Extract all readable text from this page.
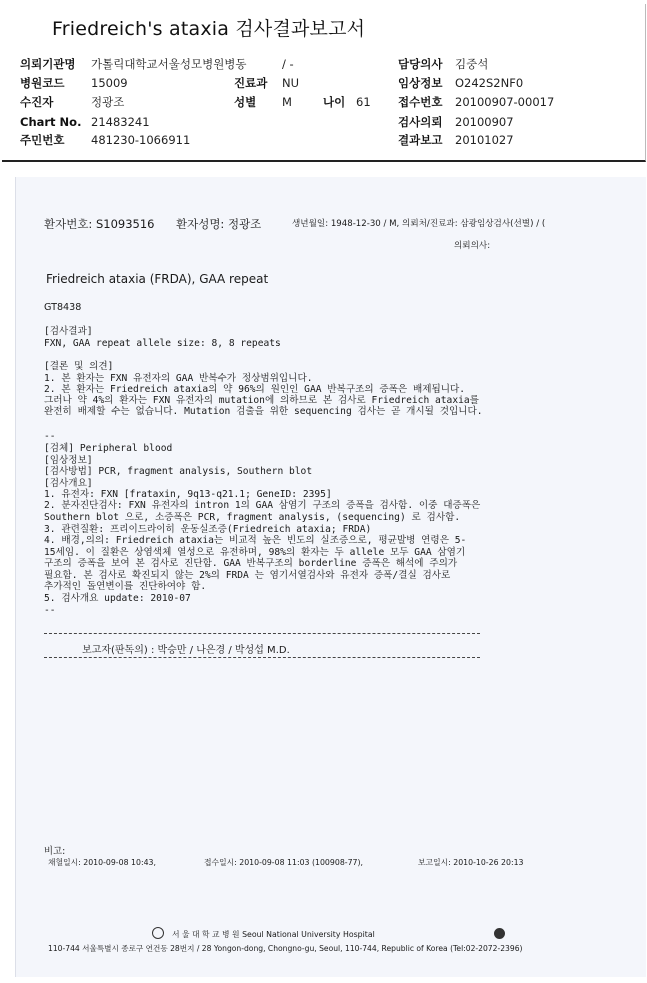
Friedreich's ataxia 검사결과보고서
의뢰기관명 가톨릭대학교서울성모병원병동	/ -	담당의사 김중석
병원코드 15009	진료과 NU	임상정보 O242S2NF0
수진자	정광조	성별 M	나이 61 접수번호 20100907-00017
Chart No. 21483241	검사의뢰 20100907
주민번호 481230-1066911	결과보고 20101027
환자번호: S1093516 환자성명: 정광조	생년월일: 1948-12-30 / M, 의뢰처/진료과: 삼광임상검사(선별) / (
의뢰의사:
Friedreich ataxia (FRDA), GAA repeat
GT8438
[검사결과]
FXN, GAA repeat allele size: 8, 8 repeats
[결론 및 의견]
1. 본 환자는 FXN 유전자의 GAA 반복수가 정상범위입니다.
2. 본 환자는 Friedreich ataxia의 약 96%의 원인인 GAA 반복구조의 증폭은 배제됩니다.
그러나 약 4%의 환자는 FXN 유전자의 mutation에 의하므로 본 검사로 Friedreich ataxia를
완전히 배제할 수는 없습니다. Mutation 검출을 위한 sequencing 검사는 곧 개시될 것입니다.
--
[검체] Peripheral blood
[임상정보]
[검사방법] PCR, fragment analysis, Southern blot
[검사개요]
1. 유전자: FXN [frataxin, 9q13-q21.1; GeneID: 2395]
2. 분자진단검사: FXN 유전자의 intron 1의 GAA 삼염기 구조의 증폭을 검사함. 이중 대증폭은
Southern blot 으로, 소증폭은 PCR, fragment analysis, (sequencing) 로 검사함.
3. 관련질환: 프리이드라이히 운동실조증(Friedreich ataxia; FRDA)
4. 배경,의의: Friedreich ataxia는 비교적 높은 빈도의 실조증으로, 평균발병 연령은 5-
15세임. 이 질환은 상염색체 열성으로 유전하며, 98%의 환자는 두 allele 모두 GAA 삼염기
구조의 증폭을 보여 본 검사로 진단함. GAA 반복구조의 borderline 증폭은 해석에 주의가
필요함. 본 검사로 확진되지 않는 2%의 FRDA 는 염기서열검사와 유전자 증폭/결실 검사로
추가적인 돌연변이를 진단하여야 함.
5. 검사개요 update: 2010-07
--
보고자(판독의) : 박승만 / 나은경 / 박성섭 M.D.
비고:
채혈일시: 2010-09-08 10:43,	접수일시: 2010-09-08 11:03 (100908-77),	보고일시: 2010-10-26 20:13
서 울 대 학 교 병 원 Seoul National University Hospital
110-744 서울특별시 종로구 연건동 28번지 / 28 Yongon-dong, Chongno-gu, Seoul, 110-744, Republic of Korea (Tel:02-2072-2396)
